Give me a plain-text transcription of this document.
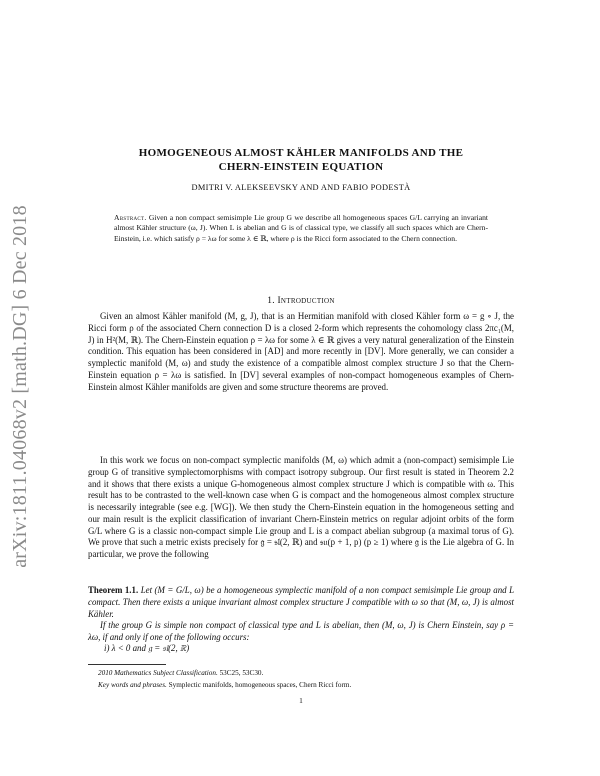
arXiv:1811.04068v2 [math.DG] 6 Dec 2018
HOMOGENEOUS ALMOST KÄHLER MANIFOLDS AND THE
CHERN-EINSTEIN EQUATION
DMITRI V. ALEKSEEVSKY AND AND FABIO PODESTÀ
Abstract. Given a non compact semisimple Lie group G we describe all homogeneous spaces G/L carrying an invariant almost Kähler structure (ω, J). When L is abelian and G is of classical type, we classify all such spaces which are Chern-Einstein, i.e. which satisfy ρ = λω for some λ ∈ ℝ, where ρ is the Ricci form associated to the Chern connection.
1. Introduction
Given an almost Kähler manifold (M, g, J), that is an Hermitian manifold with closed Kähler form ω = g ∘ J, the Ricci form ρ of the associated Chern connection D is a closed 2-form which represents the cohomology class 2πc₁(M, J) in H²(M, ℝ). The Chern-Einstein equation ρ = λω for some λ ∈ ℝ gives a very natural generalization of the Einstein condition. This equation has been considered in [AD] and more recently in [DV]. More generally, we can consider a symplectic manifold (M, ω) and study the existence of a compatible almost complex structure J so that the Chern- Einstein equation ρ = λω is satisfied. In [DV] several examples of non-compact homogeneous examples of Chern-Einstein almost Kähler manifolds are given and some structure theorems are proved.
In this work we focus on non-compact symplectic manifolds (M, ω) which admit a (non-compact) semisimple Lie group G of transitive symplectomorphisms with compact isotropy subgroup. Our first result is stated in Theorem 2.2 and it shows that there exists a unique G-homogeneous almost complex structure J which is compatible with ω. This result has to be contrasted to the well-known case when G is compact and the homogeneous almost complex structure is necessarily integrable (see e.g. [WG]). We then study the Chern-Einstein equation in the homogeneous setting and our main result is the explicit classification of invariant Chern-Einstein metrics on regular adjoint orbits of the form G/L where G is a classic non-compact simple Lie group and L is a compact abelian subgroup (a maximal torus of G). We prove that such a metric exists precisely for 𝔤 = 𝔰𝔩(2, ℝ) and 𝔰𝔲(p + 1, p) (p ≥ 1) where 𝔤 is the Lie algebra of G. In particular, we prove the following
Theorem 1.1. Let (M = G/L, ω) be a homogeneous symplectic manifold of a non compact semisimple Lie group and L compact. Then there exists a unique invariant almost complex structure J compatible with ω so that (M, ω, J) is almost Kähler.
If the group G is simple non compact of classical type and L is abelian, then (M, ω, J) is Chern Einstein, say ρ = λω, if and only if one of the following occurs:
i) λ < 0 and 𝔤 = 𝔰𝔩(2, ℝ)
2010 Mathematics Subject Classification. 53C25, 53C30.
Key words and phrases. Symplectic manifolds, homogeneous spaces, Chern Ricci form.
1
